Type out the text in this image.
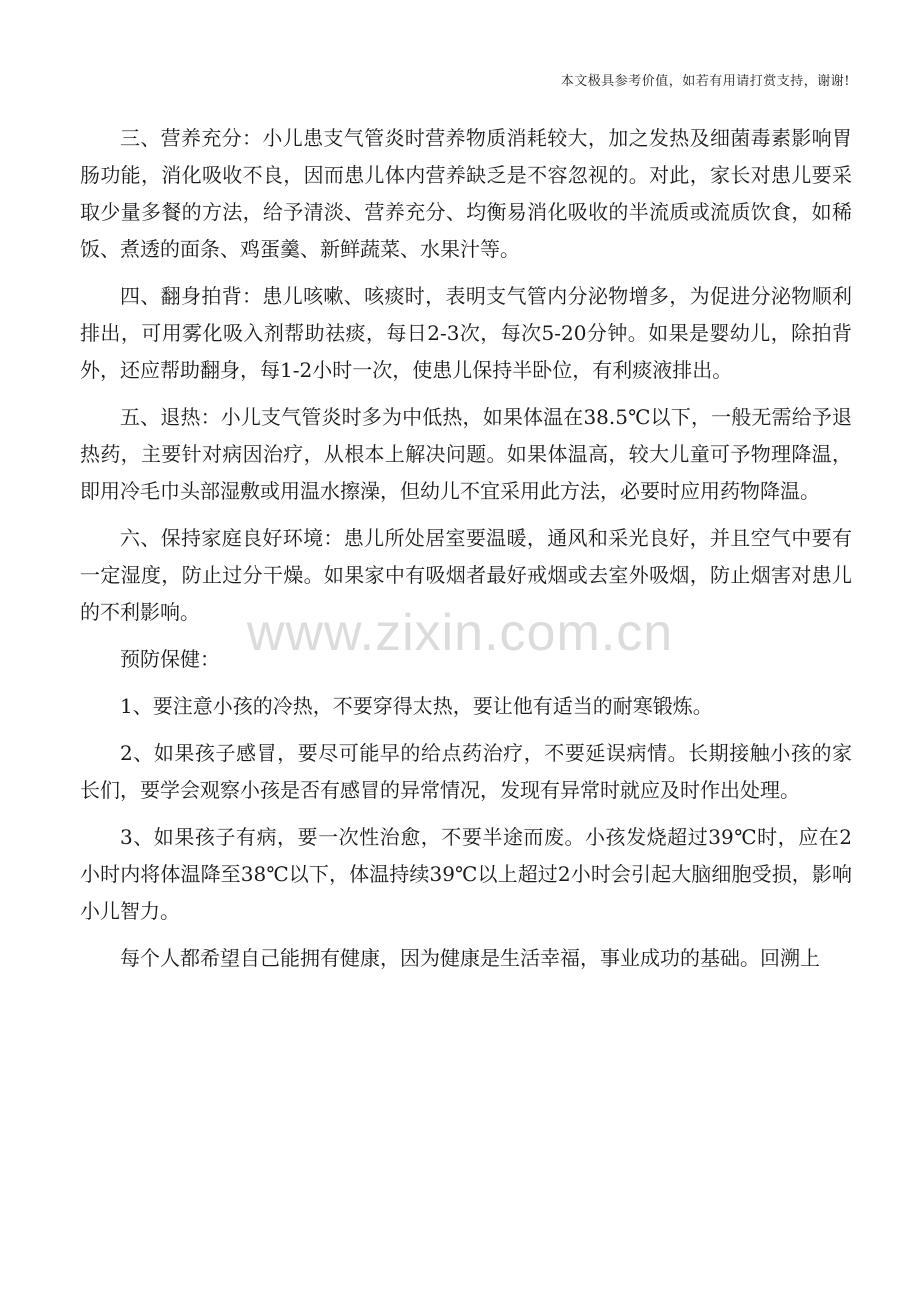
本文极具参考价值，如若有用请打赏支持，谢谢!
www.zixin.com.cn

三、营养充分：小儿患支气管炎时营养物质消耗较大，加之发热及细菌毒素影响胃肠功能，消化吸收不良，因而患儿体内营养缺乏是不容忽视的。对此，家长对患儿要采取少量多餐的方法，给予清淡、营养充分、均衡易消化吸收的半流质或流质饮食，如稀饭、煮透的面条、鸡蛋羹、新鲜蔬菜、水果汁等。

四、翻身拍背：患儿咳嗽、咳痰时，表明支气管内分泌物增多，为促进分泌物顺利排出，可用雾化吸入剂帮助祛痰，每日2-3次，每次5-20分钟。如果是婴幼儿，除拍背外，还应帮助翻身，每1-2小时一次，使患儿保持半卧位，有利痰液排出。

五、退热：小儿支气管炎时多为中低热，如果体温在38.5℃以下，一般无需给予退热药，主要针对病因治疗，从根本上解决问题。如果体温高，较大儿童可予物理降温，即用冷毛巾头部湿敷或用温水擦澡，但幼儿不宜采用此方法，必要时应用药物降温。

六、保持家庭良好环境：患儿所处居室要温暖，通风和采光良好，并且空气中要有一定湿度，防止过分干燥。如果家中有吸烟者最好戒烟或去室外吸烟，防止烟害对患儿的不利影响。

预防保健：

1、要注意小孩的冷热，不要穿得太热，要让他有适当的耐寒锻炼。

2、如果孩子感冒，要尽可能早的给点药治疗，不要延误病情。长期接触小孩的家长们，要学会观察小孩是否有感冒的异常情况，发现有异常时就应及时作出处理。

3、如果孩子有病，要一次性治愈，不要半途而废。小孩发烧超过39℃时，应在2小时内将体温降至38℃以下，体温持续39℃以上超过2小时会引起大脑细胞受损，影响小儿智力。

每个人都希望自己能拥有健康，因为健康是生活幸福，事业成功的基础。回溯上
